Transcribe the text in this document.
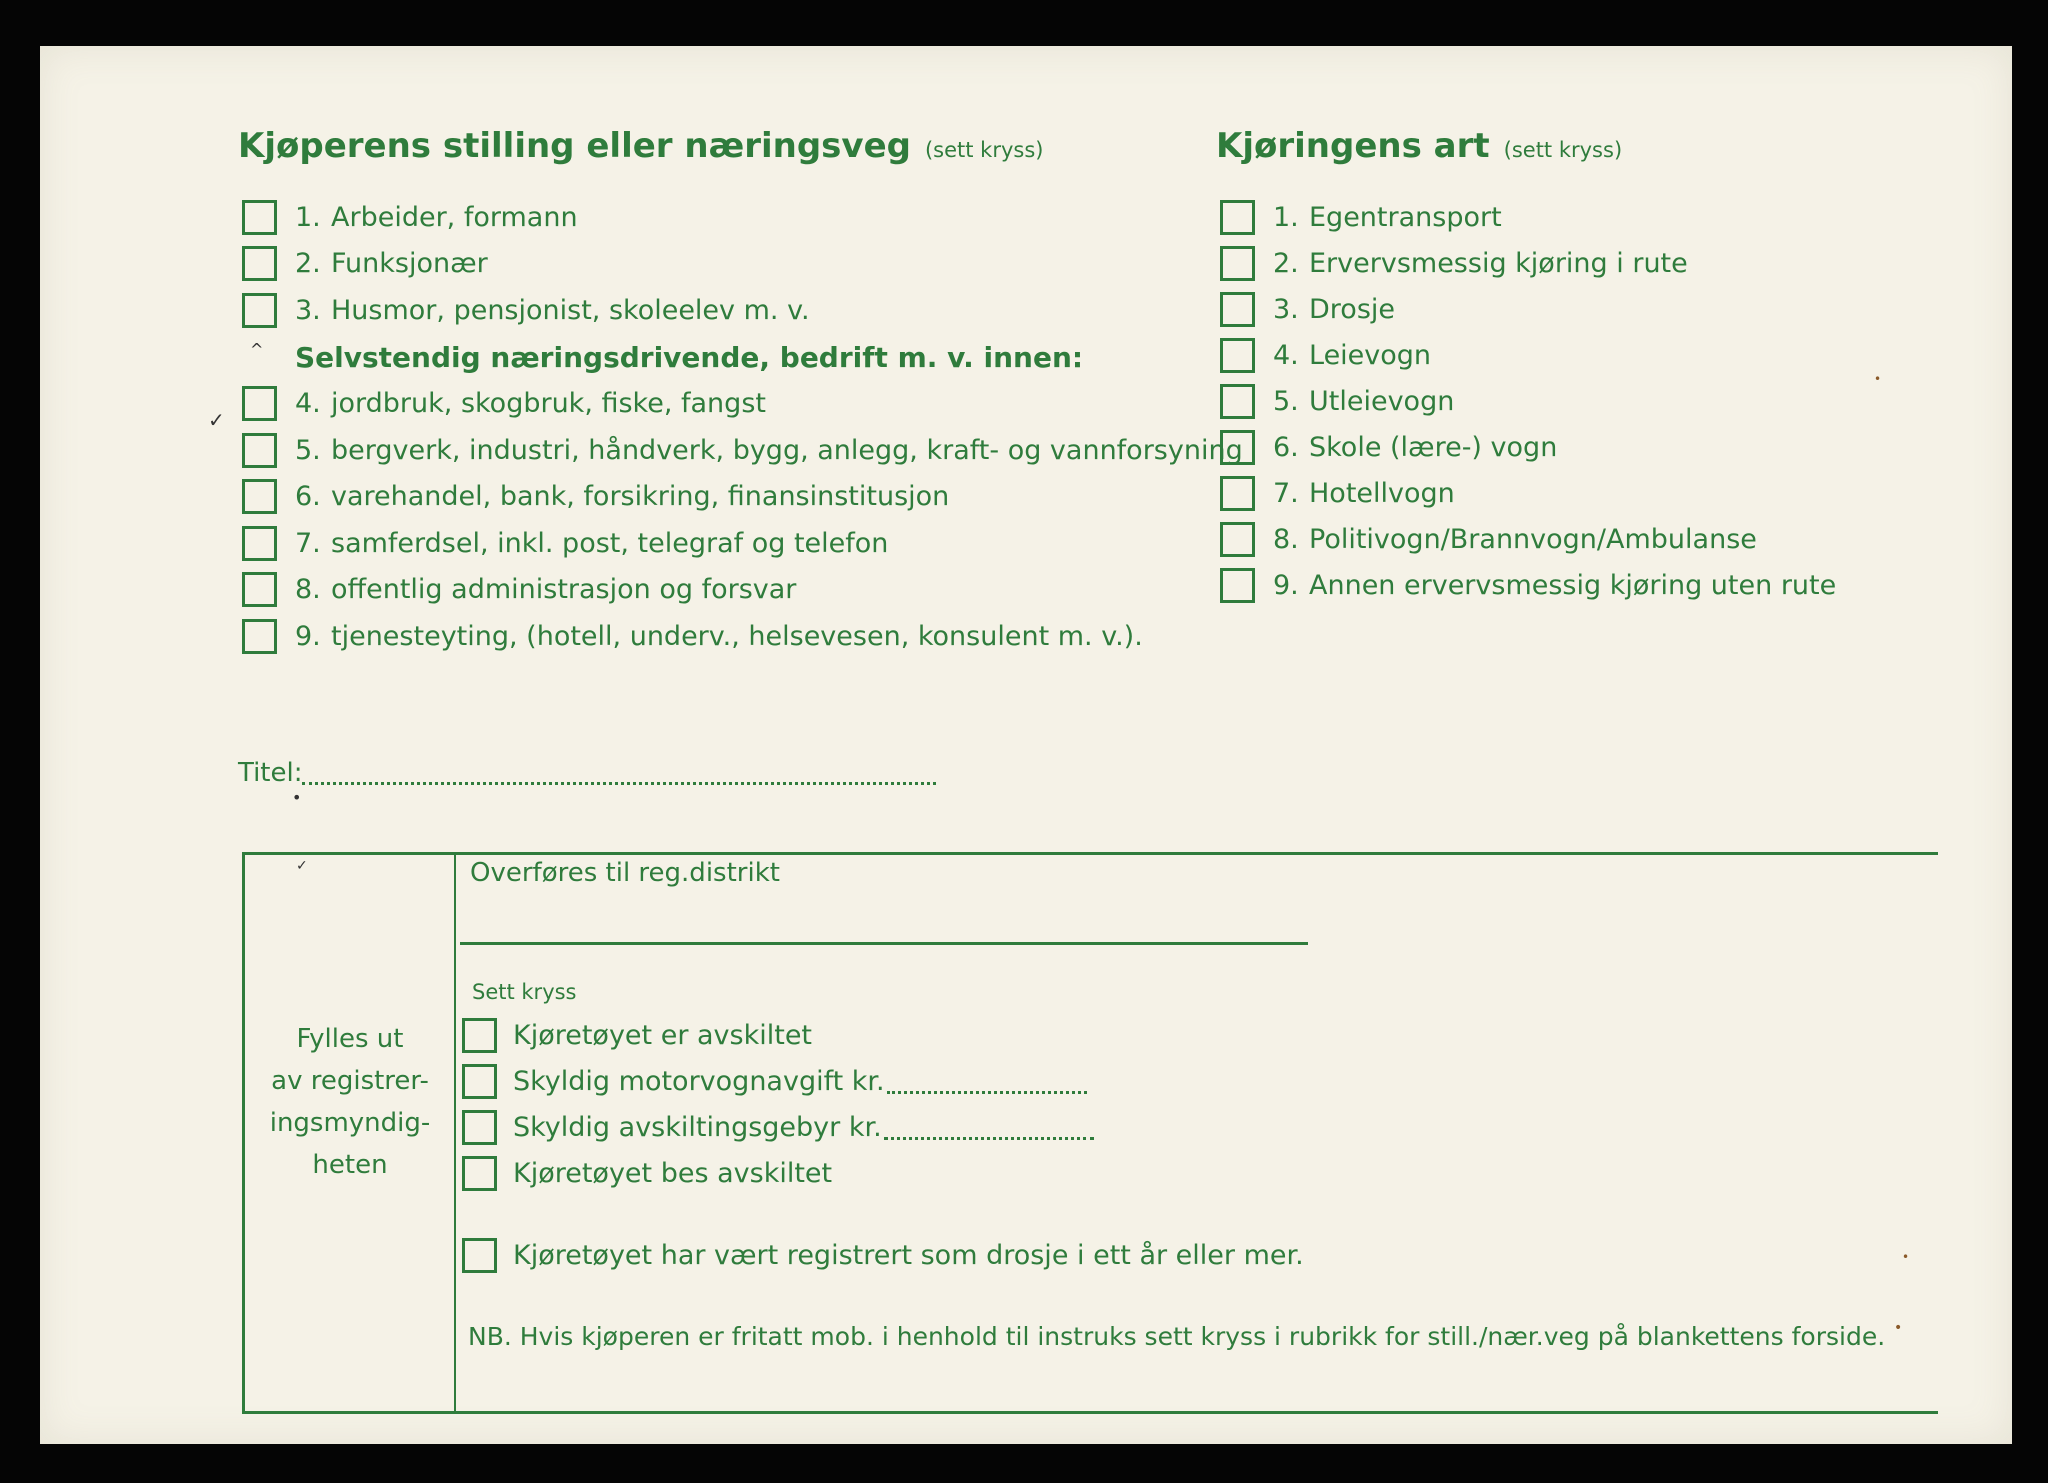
Kjøperens stilling eller næringsveg (sett kryss)
1. Arbeider, formann
2. Funksjonær
3. Husmor, pensjonist, skoleelev m. v.
Selvstendig næringsdrivende, bedrift m. v. innen:
4. jordbruk, skogbruk, fiske, fangst
5. bergverk, industri, håndverk, bygg, anlegg, kraft- og vannforsyning
6. varehandel, bank, forsikring, finansinstitusjon
7. samferdsel, inkl. post, telegraf og telefon
8. offentlig administrasjon og forsvar
9. tjenesteyting, (hotell, underv., helsevesen, konsulent m. v.).
Kjøringens art (sett kryss)
1. Egentransport
2. Ervervsmessig kjøring i rute
3. Drosje
4. Leievogn
5. Utleievogn
6. Skole (lære-) vogn
7. Hotellvogn
8. Politivogn/Brannvogn/Ambulanse
9. Annen ervervsmessig kjøring uten rute
Titel:
Fylles ut
av registrer-
ingsmyndig-
heten
Overføres til reg.distrikt
Sett kryss
Kjøretøyet er avskiltet
Skyldig motorvognavgift kr.
Skyldig avskiltingsgebyr kr.
Kjøretøyet bes avskiltet
Kjøretøyet har vært registrert som drosje i ett år eller mer.
NB. Hvis kjøperen er fritatt mob. i henhold til instruks sett kryss i rubrikk for still./nær.veg på blankettens forside.
✓
✓
^
•
•
•
•
